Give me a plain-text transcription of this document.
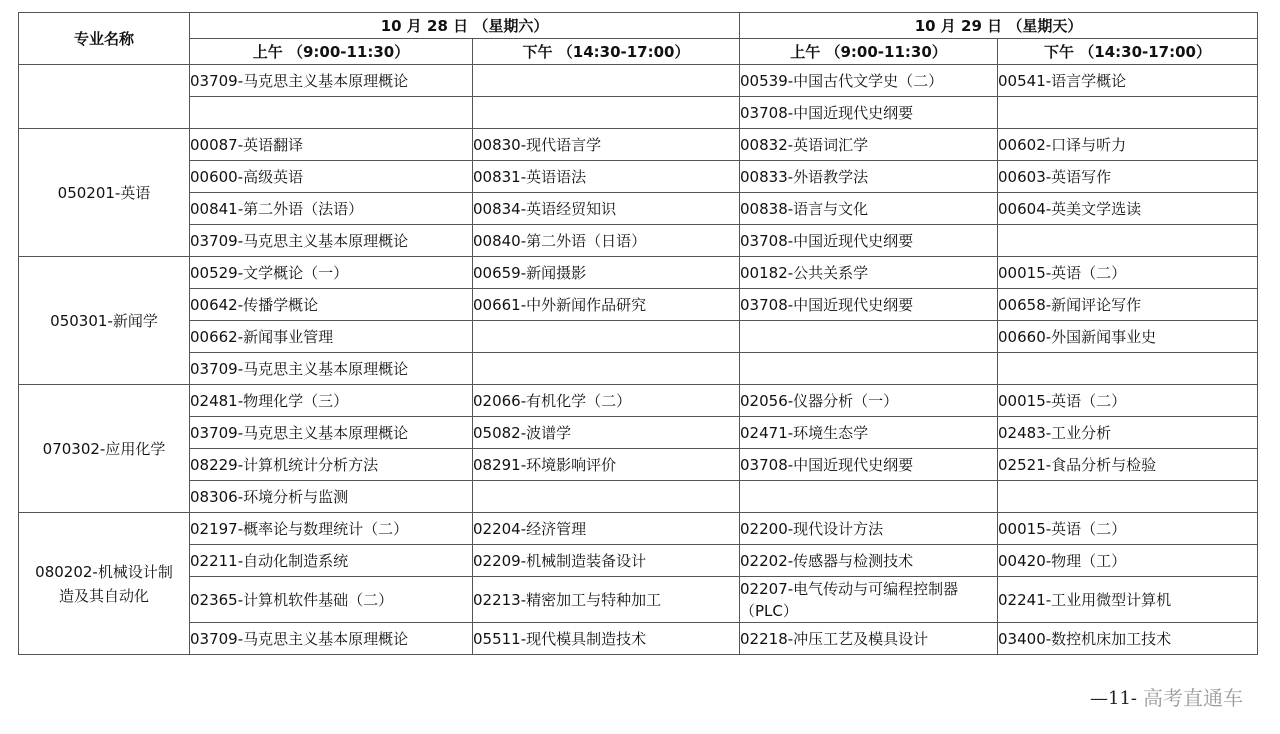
专业名称	10 月 28 日 （星期六）		10 月 29 日 （星期天）	
	上午 （9:00-11:30）	下午 （14:30-17:00）	上午 （9:00-11:30）	下午 （14:30-17:00）
	03709-马克思主义基本原理概论		00539-中国古代文学史（二）	00541-语言学概论
			03708-中国近现代史纲要	
050201-英语	00087-英语翻译	00830-现代语言学	00832-英语词汇学	00602-口译与听力
	00600-高级英语	00831-英语语法	00833-外语教学法	00603-英语写作
	00841-第二外语（法语）	00834-英语经贸知识	00838-语言与文化	00604-英美文学选读
	03709-马克思主义基本原理概论	00840-第二外语（日语）	03708-中国近现代史纲要	
050301-新闻学	00529-文学概论（一）	00659-新闻摄影	00182-公共关系学	00015-英语（二）
	00642-传播学概论	00661-中外新闻作品研究	03708-中国近现代史纲要	00658-新闻评论写作
	00662-新闻事业管理			00660-外国新闻事业史
	03709-马克思主义基本原理概论			
070302-应用化学	02481-物理化学（三）	02066-有机化学（二）	02056-仪器分析（一）	00015-英语（二）
	03709-马克思主义基本原理概论	05082-波谱学	02471-环境生态学	02483-工业分析
	08229-计算机统计分析方法	08291-环境影响评价	03708-中国近现代史纲要	02521-食品分析与检验
	08306-环境分析与监测			
080202-机械设计制造及其自动化	02197-概率论与数理统计（二）	02204-经济管理	02200-现代设计方法	00015-英语（二）
	02211-自动化制造系统	02209-机械制造装备设计	02202-传感器与检测技术	00420-物理（工）
	02365-计算机软件基础（二）	02213-精密加工与特种加工	02207-电气传动与可编程控制器（PLC）	02241-工业用微型计算机
	03709-马克思主义基本原理概论	05511-现代模具制造技术	02218-冲压工艺及模具设计	03400-数控机床加工技术
—11- 高考直通车
